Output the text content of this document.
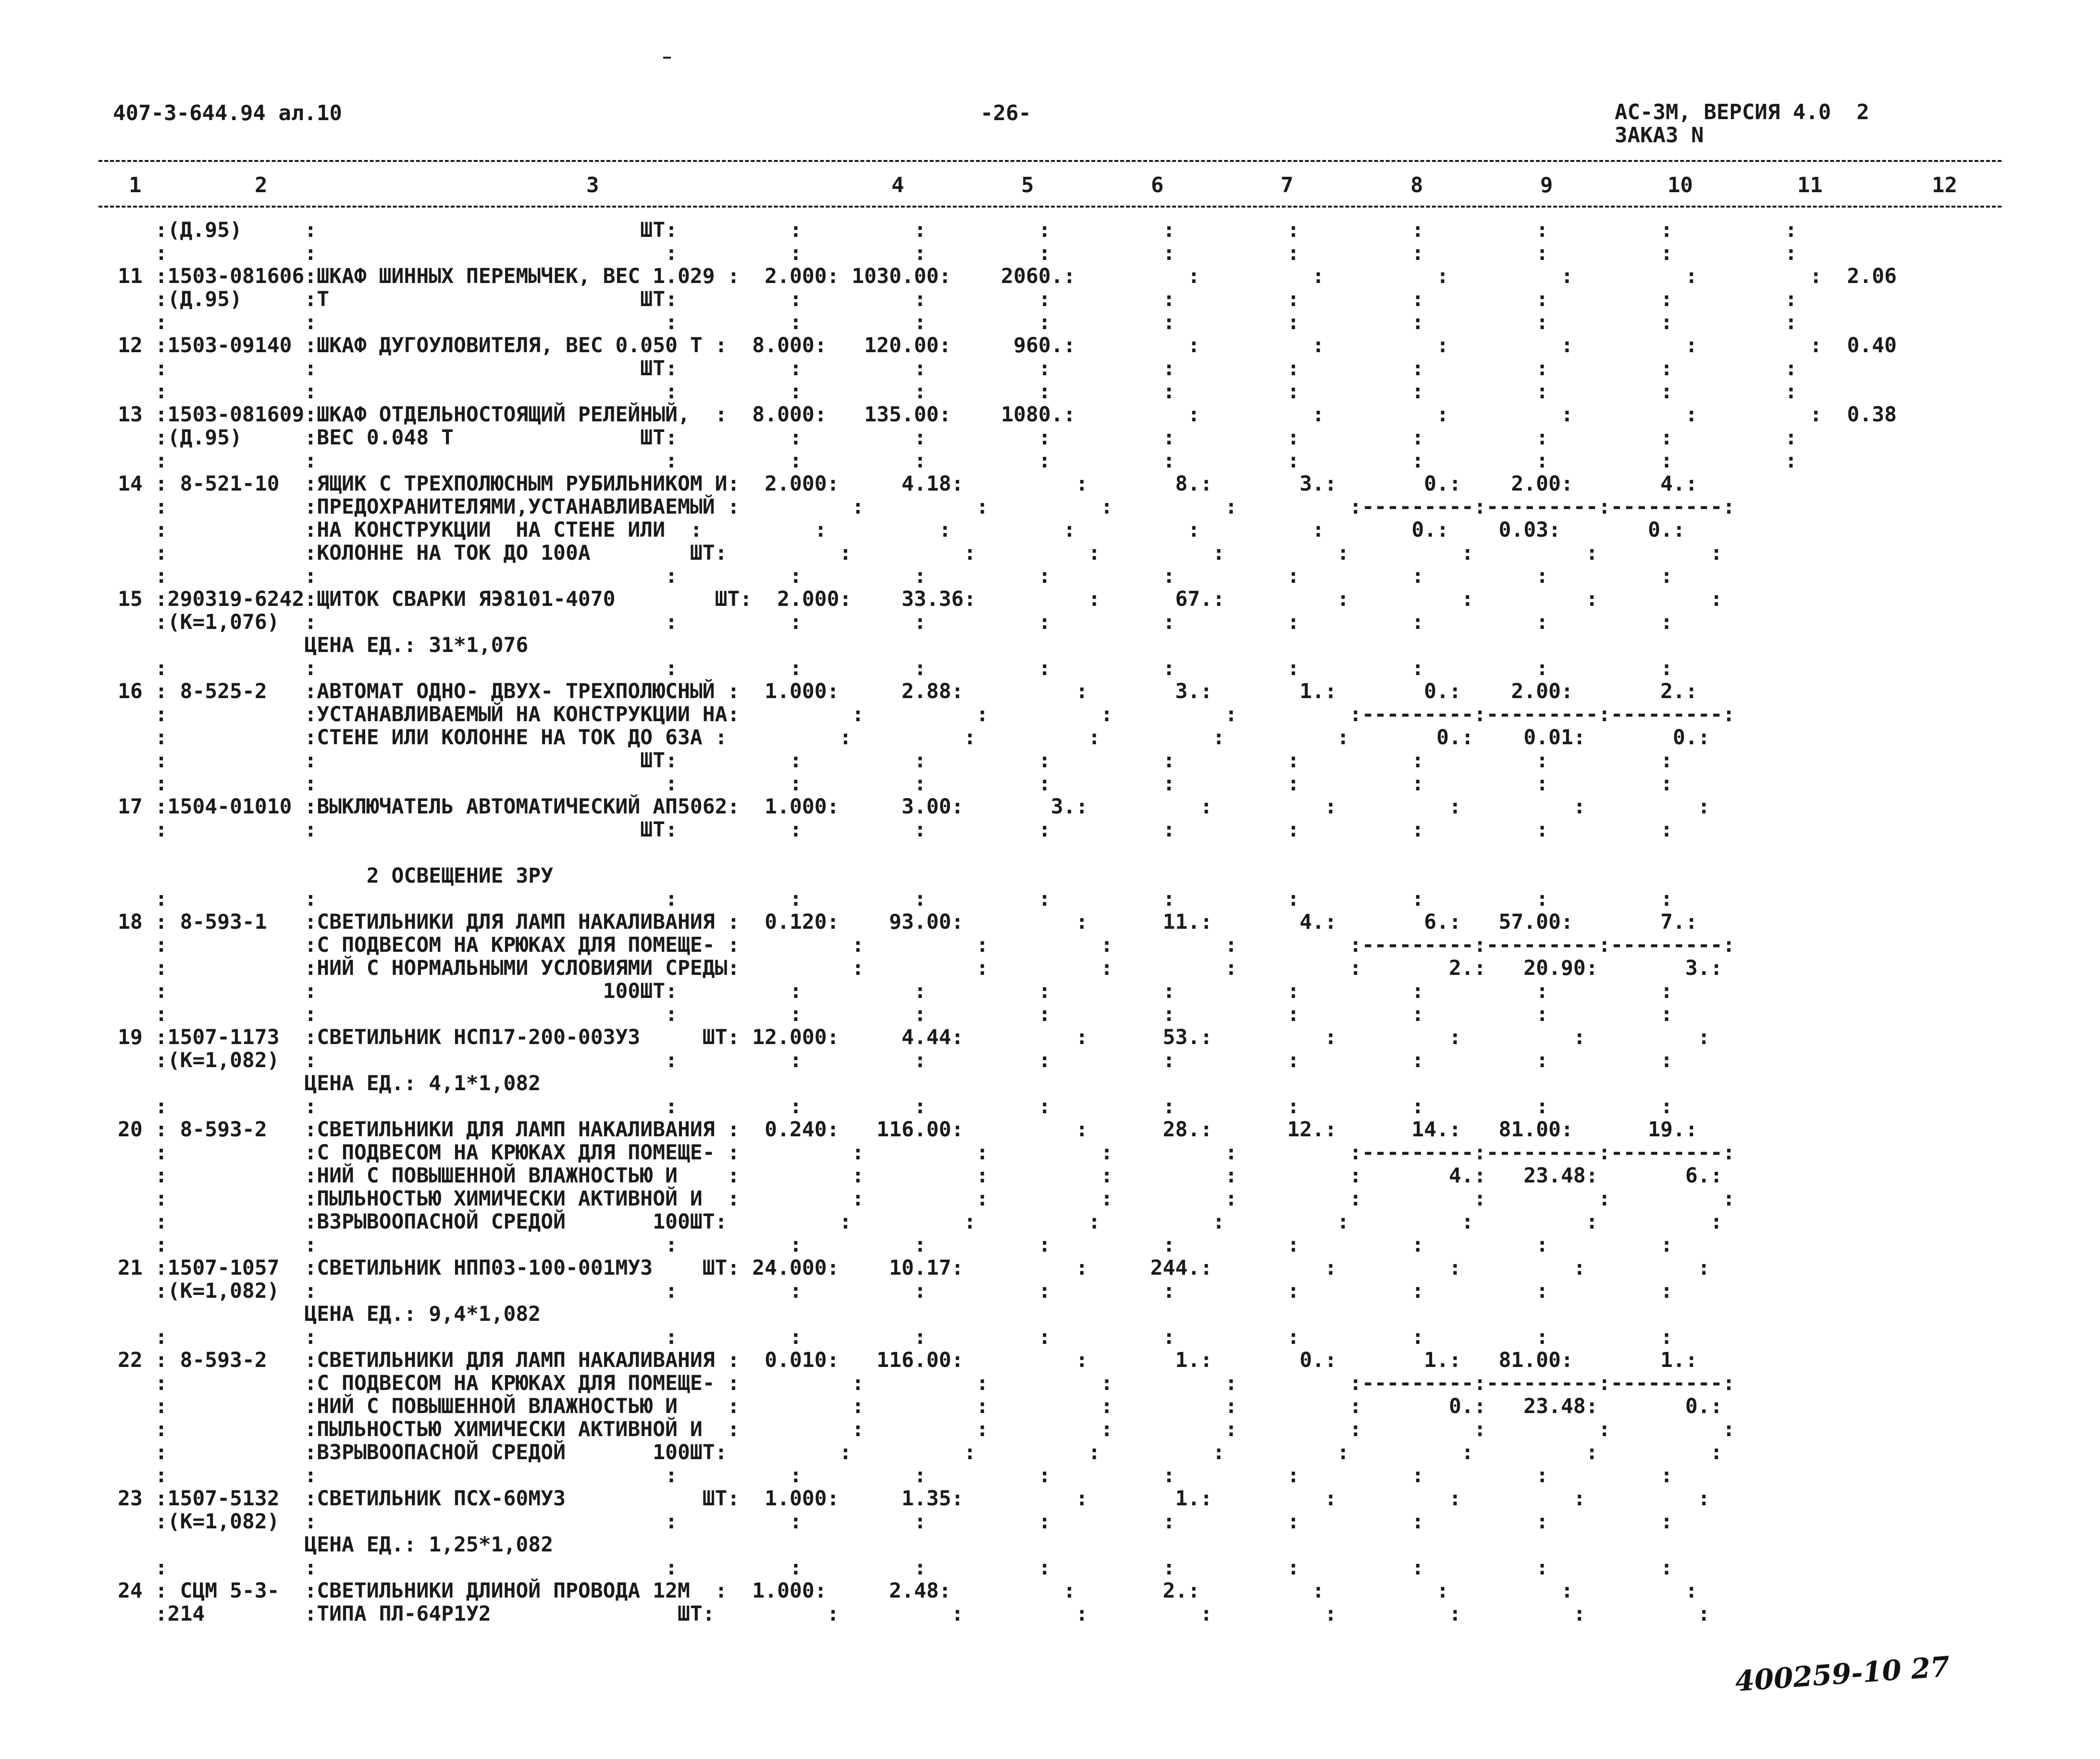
407-3-644.94 ал.10	-26-	АС-3М, ВЕРСИЯ 4.0  2
ЗАКАЗ N
1	2	3	4	5	6	7	8	9	10	11	12
:(Д.95)     :                          ШТ:         :         :         :         :         :         :         :         :         :
:           :                            :         :         :         :         :         :         :         :         :         :
11 :1503-081606:ШКАФ ШИННЫХ ПЕРЕМЫЧЕК, ВЕС 1.029 :  2.000: 1030.00:    2060.:         :         :         :         :         :         :  2.06
:(Д.95)     :Т                         ШТ:         :         :         :         :         :         :         :         :         :
:           :                            :         :         :         :         :         :         :         :         :         :
12 :1503-09140 :ШКАФ ДУГОУЛОВИТЕЛЯ, ВЕС 0.050 Т :  8.000:   120.00:     960.:         :         :         :         :         :         :  0.40
:           :                          ШТ:         :         :         :         :         :         :         :         :         :
:           :                            :         :         :         :         :         :         :         :         :         :
13 :1503-081609:ШКАФ ОТДЕЛЬНОСТОЯЩИЙ РЕЛЕЙНЫЙ,  :  8.000:   135.00:    1080.:         :         :         :         :         :         :  0.38
:(Д.95)     :ВЕС 0.048 Т               ШТ:         :         :         :         :         :         :         :         :         :
:           :                            :         :         :         :         :         :         :         :         :         :
14 : 8-521-10  :ЯЩИК С ТРЕХПОЛЮСНЫМ РУБИЛЬНИКОМ И:  2.000:     4.18:         :       8.:       3.:       0.:    2.00:       4.:
:           :ПРЕДОХРАНИТЕЛЯМИ,УСТАНАВЛИВАЕМЫЙ :         :         :         :         :         :---------:---------:---------:
:           :НА КОНСТРУКЦИИ  НА СТЕНЕ ИЛИ  :         :         :         :         :         :       0.:    0.03:       0.:
:           :КОЛОННЕ НА ТОК ДО 100А        ШТ:         :         :         :         :         :         :         :         :
:           :                            :         :         :         :         :         :         :         :         :
15 :290319-6242:ЩИТОК СВАРКИ ЯЭ8101-4070        ШТ:  2.000:    33.36:         :      67.:         :         :         :         :
:(К=1,076)  :                            :         :         :         :         :         :         :         :         :
ЦЕНА ЕД.: 31*1,076
:           :                            :         :         :         :         :         :         :         :         :
16 : 8-525-2   :АВТОМАТ ОДНО- ДВУХ- ТРЕХПОЛЮСНЫЙ :  1.000:     2.88:         :       3.:       1.:       0.:    2.00:       2.:
:           :УСТАНАВЛИВАЕМЫЙ НА КОНСТРУКЦИИ НА:         :         :         :         :         :---------:---------:---------:
:           :СТЕНЕ ИЛИ КОЛОННЕ НА ТОК ДО 63А :         :         :         :         :         :       0.:    0.01:       0.:
:           :                          ШТ:         :         :         :         :         :         :         :         :
:           :                            :         :         :         :         :         :         :         :         :
17 :1504-01010 :ВЫКЛЮЧАТЕЛЬ АВТОМАТИЧЕСКИЙ АП5062:  1.000:     3.00:       3.:         :         :         :         :         :
:           :                          ШТ:         :         :         :         :         :         :         :         :
2 ОСВЕЩЕНИЕ ЗРУ
:           :                            :         :         :         :         :         :         :         :         :
18 : 8-593-1   :СВЕТИЛЬНИКИ ДЛЯ ЛАМП НАКАЛИВАНИЯ :  0.120:    93.00:         :      11.:       4.:       6.:   57.00:       7.:
:           :С ПОДВЕСОМ НА КРЮКАХ ДЛЯ ПОМЕЩЕ- :         :         :         :         :         :---------:---------:---------:
:           :НИЙ С НОРМАЛЬНЫМИ УСЛОВИЯМИ СРЕДЫ:         :         :         :         :         :       2.:   20.90:       3.:
:           :                       100ШТ:         :         :         :         :         :         :         :         :
:           :                            :         :         :         :         :         :         :         :         :
19 :1507-1173  :СВЕТИЛЬНИК НСП17-200-003У3     ШТ: 12.000:     4.44:         :      53.:         :         :         :         :
:(К=1,082)  :                            :         :         :         :         :         :         :         :         :
ЦЕНА ЕД.: 4,1*1,082
:           :                            :         :         :         :         :         :         :         :         :
20 : 8-593-2   :СВЕТИЛЬНИКИ ДЛЯ ЛАМП НАКАЛИВАНИЯ :  0.240:   116.00:         :      28.:      12.:      14.:   81.00:      19.:
:           :С ПОДВЕСОМ НА КРЮКАХ ДЛЯ ПОМЕЩЕ- :         :         :         :         :         :---------:---------:---------:
:           :НИЙ С ПОВЫШЕННОЙ ВЛАЖНОСТЬЮ И    :         :         :         :         :         :       4.:   23.48:       6.:
:           :ПЫЛЬНОСТЬЮ ХИМИЧЕСКИ АКТИВНОЙ И  :         :         :         :         :         :         :         :         :
:           :ВЗРЫВООПАСНОЙ СРЕДОЙ       100ШТ:         :         :         :         :         :         :         :         :
:           :                            :         :         :         :         :         :         :         :         :
21 :1507-1057  :СВЕТИЛЬНИК НПП03-100-001МУ3    ШТ: 24.000:    10.17:         :     244.:         :         :         :         :
:(К=1,082)  :                            :         :         :         :         :         :         :         :         :
ЦЕНА ЕД.: 9,4*1,082
:           :                            :         :         :         :         :         :         :         :         :
22 : 8-593-2   :СВЕТИЛЬНИКИ ДЛЯ ЛАМП НАКАЛИВАНИЯ :  0.010:   116.00:         :       1.:       0.:       1.:   81.00:       1.:
:           :С ПОДВЕСОМ НА КРЮКАХ ДЛЯ ПОМЕЩЕ- :         :         :         :         :         :---------:---------:---------:
:           :НИЙ С ПОВЫШЕННОЙ ВЛАЖНОСТЬЮ И    :         :         :         :         :         :       0.:   23.48:       0.:
:           :ПЫЛЬНОСТЬЮ ХИМИЧЕСКИ АКТИВНОЙ И  :         :         :         :         :         :         :         :         :
:           :ВЗРЫВООПАСНОЙ СРЕДОЙ       100ШТ:         :         :         :         :         :         :         :         :
:           :                            :         :         :         :         :         :         :         :         :
23 :1507-5132  :СВЕТИЛЬНИК ПСХ-60МУ3           ШТ:  1.000:     1.35:         :       1.:         :         :         :         :
:(К=1,082)  :                            :         :         :         :         :         :         :         :         :
ЦЕНА ЕД.: 1,25*1,082
:           :                            :         :         :         :         :         :         :         :         :
24 : СЦМ 5-3-  :СВЕТИЛЬНИКИ ДЛИНОЙ ПРОВОДА 12М  :  1.000:     2.48:         :       2.:         :         :         :         :
:214        :ТИПА ПЛ-64Р1У2               ШТ:         :         :         :         :         :         :         :         :
400259-10 27
